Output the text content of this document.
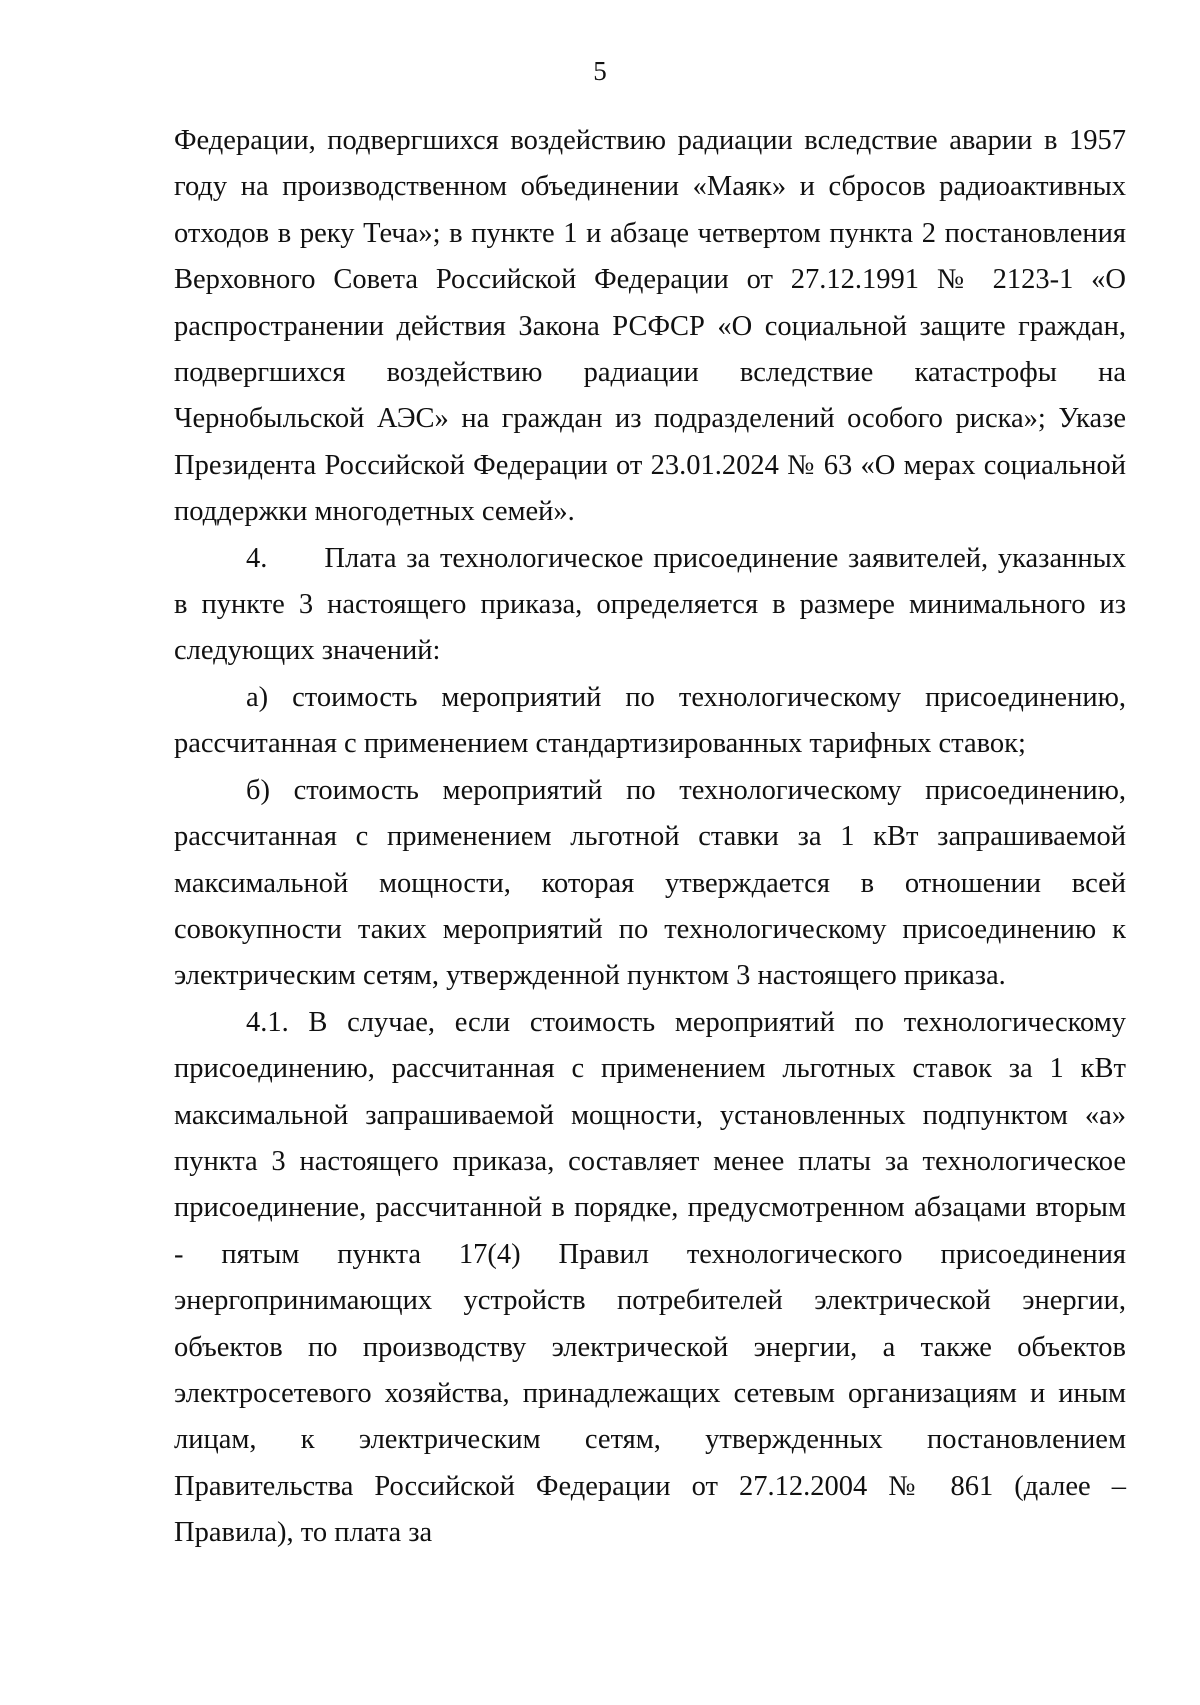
5

Федерации, подвергшихся воздействию радиации вследствие аварии в 1957 году на производственном объединении «Маяк» и сбросов радиоактивных отходов в реку Теча»; в пункте 1 и абзаце четвертом пункта 2 постановления Верховного Совета Российской Федерации от 27.12.1991 № 2123-1 «О распространении действия Закона РСФСР «О социальной защите граждан, подвергшихся воздействию радиации вследствие катастрофы на Чернобыльской АЭС» на граждан из подразделений особого риска»; Указе Президента Российской Федерации от 23.01.2024 № 63 «О мерах социальной поддержки многодетных семей».

4.  Плата за технологическое присоединение заявителей, указанных в пункте 3 настоящего приказа, определяется в размере минимального из следующих значений:

а) стоимость мероприятий по технологическому присоединению, рассчитанная с применением стандартизированных тарифных ставок;

б) стоимость мероприятий по технологическому присоединению, рассчитанная с применением льготной ставки за 1 кВт запрашиваемой максимальной мощности, которая утверждается в отношении всей совокупности таких мероприятий по технологическому присоединению к электрическим сетям, утвержденной пунктом 3 настоящего приказа.

4.1. В случае, если стоимость мероприятий по технологическому присоединению, рассчитанная с применением льготных ставок за 1 кВт максимальной запрашиваемой мощности, установленных подпунктом «а» пункта 3 настоящего приказа, составляет менее платы за технологическое присоединение, рассчитанной в порядке, предусмотренном абзацами вторым - пятым пункта 17(4) Правил технологического присоединения энергопринимающих устройств потребителей электрической энергии, объектов по производству электрической энергии, а также объектов электросетевого хозяйства, принадлежащих сетевым организациям и иным лицам, к электрическим сетям, утвержденных постановлением Правительства Российской Федерации от 27.12.2004 № 861 (далее – Правила), то плата за
